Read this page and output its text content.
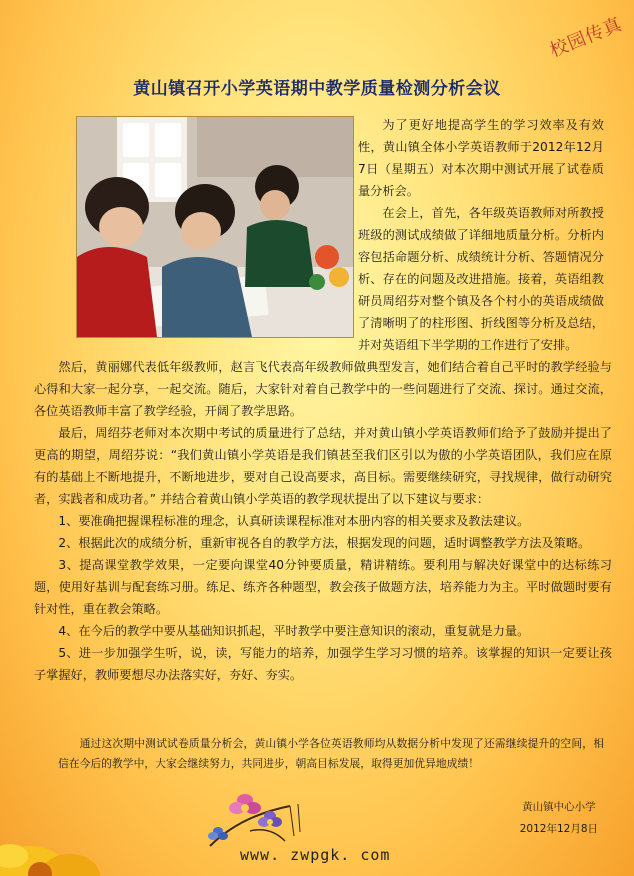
校园传真
黄山镇召开小学英语期中教学质量检测分析会议

为了更好地提高学生的学习效率及有效性，黄山镇全体小学英语教师于2012年12月7日（星期五）对本次期中测试开展了试卷质量分析会。

在会上，首先，各年级英语教师对所教授班级的测试成绩做了详细地质量分析。分析内容包括命题分析、成绩统计分析、答题情况分析、存在的问题及改进措施。接着，英语组教研员周绍芬对整个镇及各个村小的英语成绩做了清晰明了的柱形图、折线图等分析及总结，并对英语组下半学期的工作进行了安排。

然后，黄丽娜代表低年级教师，赵言飞代表高年级教师做典型发言，她们结合着自己平时的教学经验与心得和大家一起分享，一起交流。随后，大家针对着自己教学中的一些问题进行了交流、探讨。通过交流，各位英语教师丰富了教学经验，开阔了教学思路。

最后，周绍芬老师对本次期中考试的质量进行了总结，并对黄山镇小学英语教师们给予了鼓励并提出了更高的期望，周绍芬说：“我们黄山镇小学英语是我们镇甚至我们区引以为傲的小学英语团队，我们应在原有的基础上不断地提升，不断地进步，要对自己设高要求，高目标。需要继续研究，寻找规律，做行动研究者，实践者和成功者。” 并结合着黄山镇小学英语的教学现状提出了以下建议与要求：

1、要准确把握课程标准的理念，认真研读课程标准对本册内容的相关要求及教法建议。

2、根据此次的成绩分析，重新审视各自的教学方法，根据发现的问题，适时调整教学方法及策略。

3、提高课堂教学效果，一定要向课堂40分钟要质量，精讲精练。要利用与解决好课堂中的达标练习题，使用好基训与配套练习册。练足、练齐各种题型，教会孩子做题方法，培养能力为主。平时做题时要有针对性，重在教会策略。

4、在今后的教学中要从基础知识抓起，平时教学中要注意知识的滚动，重复就是力量。

5、进一步加强学生听，说，读，写能力的培养，加强学生学习习惯的培养。该掌握的知识一定要让孩子掌握好，教师要想尽办法落实好，夯好、夯实。

通过这次期中测试试卷质量分析会，黄山镇小学各位英语教师均从数据分析中发现了还需继续提升的空间，相信在今后的教学中，大家会继续努力，共同进步，朝高目标发展，取得更加优异地成绩！
黄山镇中心小学
2012年12月8日
www. zwpgk. com
